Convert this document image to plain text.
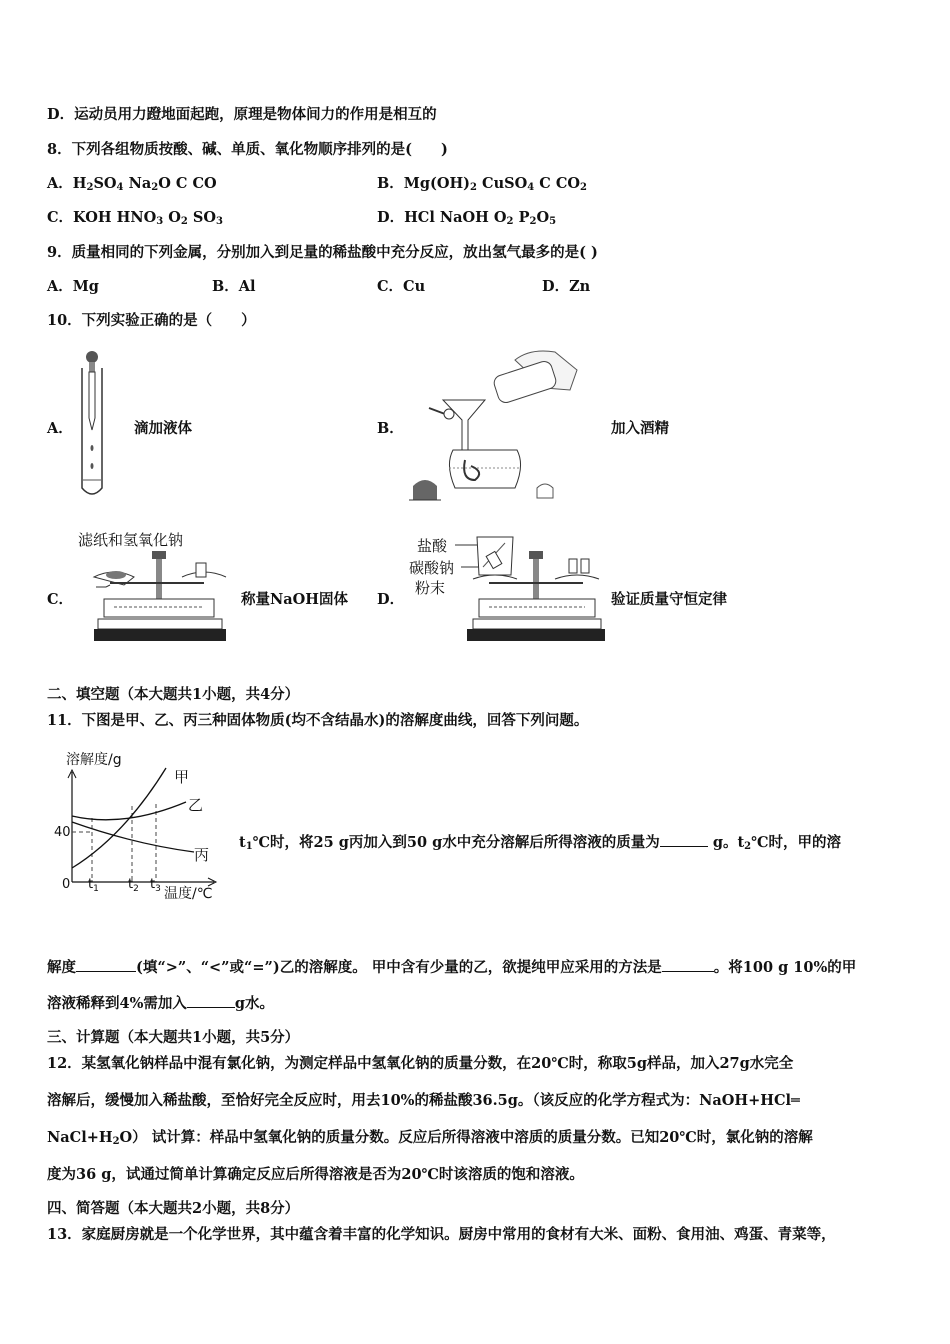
D．运动员用力蹬地面起跑，原理是物体间力的作用是相互的
8．下列各组物质按酸、碱、单质、氧化物顺序排列的是(　　)
A．$H_2SO_4$ $Na_2O$ C CO	B．$Mg(OH)_2$ CuSO$_4$ C $CO_2$
C．KOH $HNO_3$ $O_2$ $SO_3$	D．HCl NaOH $O_2$ $P_2O_5$
9．质量相同的下列金属，分别加入到足量的稀盐酸中充分反应，放出氢气最多的是( )
A．Mg	B．Al	C．Cu	D．Zn
10．下列实验正确的是（　　）
A．	滴加液体	B．	加入酒精
C．
滤纸和氢氧化钠
称量NaOH固体 D．
盐酸
碳酸钠
粉末
验证质量守恒定律
二、填空题（本大题共1小题，共4分）
11．下图是甲、乙、丙三种固体物质(均不含结晶水)的溶解度曲线，回答下列问题。
溶解度/g
40
0 $t_1$ $t_2$ $t_3$ 温度/℃
甲
乙
丙
$t_1℃$时，将25 g丙加入到50 g水中充分溶解后所得溶液的质量为	g。$t_2℃$时，甲的溶
解度	(填“>”、“<”或“=”)乙的溶解度。 甲中含有少量的乙，欲提纯甲应采用的方法是	。将100 g 10%的甲
溶液稀释到4%需加入	g水。
三、计算题（本大题共1小题，共5分）
12．某氢氧化钠样品中混有氯化钠，为测定样品中氢氧化钠的质量分数，在20℃时，称取5g样品，加入27g水完全
溶解后，缓慢加入稀盐酸，至恰好完全反应时，用去10%的稀盐酸36.5g。（该反应的化学方程式为：NaOH+HCl═
$NaCl+H_2O$） 试计算：样品中氢氧化钠的质量分数。反应后所得溶液中溶质的质量分数。已知20℃时，氯化钠的溶解
度为36 g，试通过简单计算确定反应后所得溶液是否为20℃时该溶质的饱和溶液。
四、简答题（本大题共2小题，共8分）
13．家庭厨房就是一个化学世界，其中蕴含着丰富的化学知识。厨房中常用的食材有大米、面粉、食用油、鸡蛋、青菜等，
